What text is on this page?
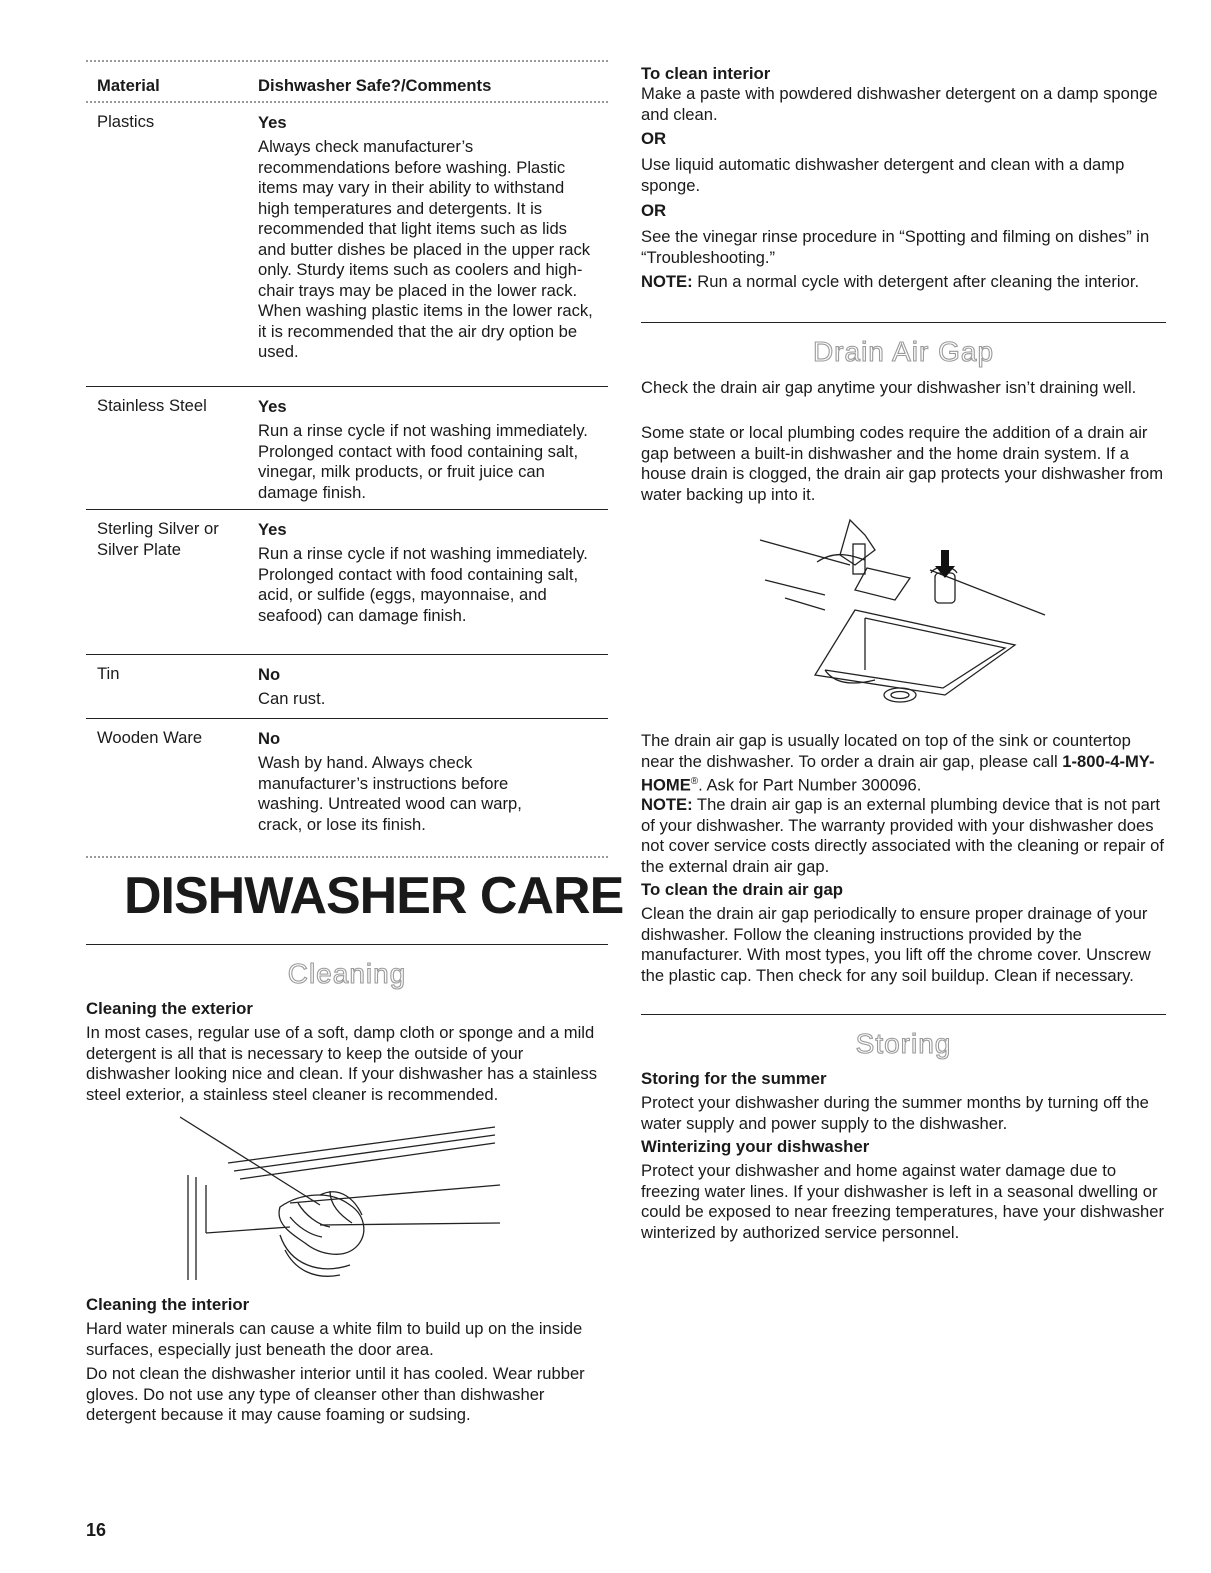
Material	Dishwasher Safe?/Comments
Plastics	Yes
Always check manufacturer’s recommendations before washing. Plastic items may vary in their ability to withstand high temperatures and detergents. It is recommended that light items such as lids and butter dishes be placed in the upper rack only. Sturdy items such as coolers and high-chair trays may be placed in the lower rack. When washing plastic items in the lower rack, it is recommended that the air dry option be used.
Stainless Steel	Yes
Run a rinse cycle if not washing immediately. Prolonged contact with food containing salt, vinegar, milk products, or fruit juice can damage finish.
Sterling Silver or Silver Plate
Yes
Run a rinse cycle if not washing immediately. Prolonged contact with food containing salt, acid, or sulfide (eggs, mayonnaise, and seafood) can damage finish.
Tin	No
Can rust.
Wooden Ware	No
Wash by hand. Always check manufacturer’s instructions before washing. Untreated wood can warp, crack, or lose its finish.
DISHWASHER CARE
Cleaning
Cleaning the exterior

In most cases, regular use of a soft, damp cloth or sponge and a mild detergent is all that is necessary to keep the outside of your dishwasher looking nice and clean. If your dishwasher has a stainless steel exterior, a stainless steel cleaner is recommended.

Cleaning the interior

Hard water minerals can cause a white film to build up on the inside surfaces, especially just beneath the door area.

Do not clean the dishwasher interior until it has cooled. Wear rubber gloves. Do not use any type of cleanser other than dishwasher detergent because it may cause foaming or sudsing.

16
To clean interior

Make a paste with powdered dishwasher detergent on a damp sponge and clean.

OR

Use liquid automatic dishwasher detergent and clean with a damp sponge.

OR

See the vinegar rinse procedure in “Spotting and filming on dishes” in “Troubleshooting.”

NOTE: Run a normal cycle with detergent after cleaning the interior.

Drain Air Gap

Check the drain air gap anytime your dishwasher isn’t draining well.

Some state or local plumbing codes require the addition of a drain air gap between a built-in dishwasher and the home drain system. If a house drain is clogged, the drain air gap protects your dishwasher from water backing up into it.

The drain air gap is usually located on top of the sink or countertop near the dishwasher. To order a drain air gap, please call 1-800-4-MY-HOME®. Ask for Part Number 300096.

NOTE: The drain air gap is an external plumbing device that is not part of your dishwasher. The warranty provided with your dishwasher does not cover service costs directly associated with the cleaning or repair of the external drain air gap.

To clean the drain air gap

Clean the drain air gap periodically to ensure proper drainage of your dishwasher. Follow the cleaning instructions provided by the manufacturer. With most types, you lift off the chrome cover. Unscrew the plastic cap. Then check for any soil buildup. Clean if necessary.

Storing
Storing for the summer

Protect your dishwasher during the summer months by turning off the water supply and power supply to the dishwasher.

Winterizing your dishwasher

Protect your dishwasher and home against water damage due to freezing water lines. If your dishwasher is left in a seasonal dwelling or could be exposed to near freezing temperatures, have your dishwasher winterized by authorized service personnel.
